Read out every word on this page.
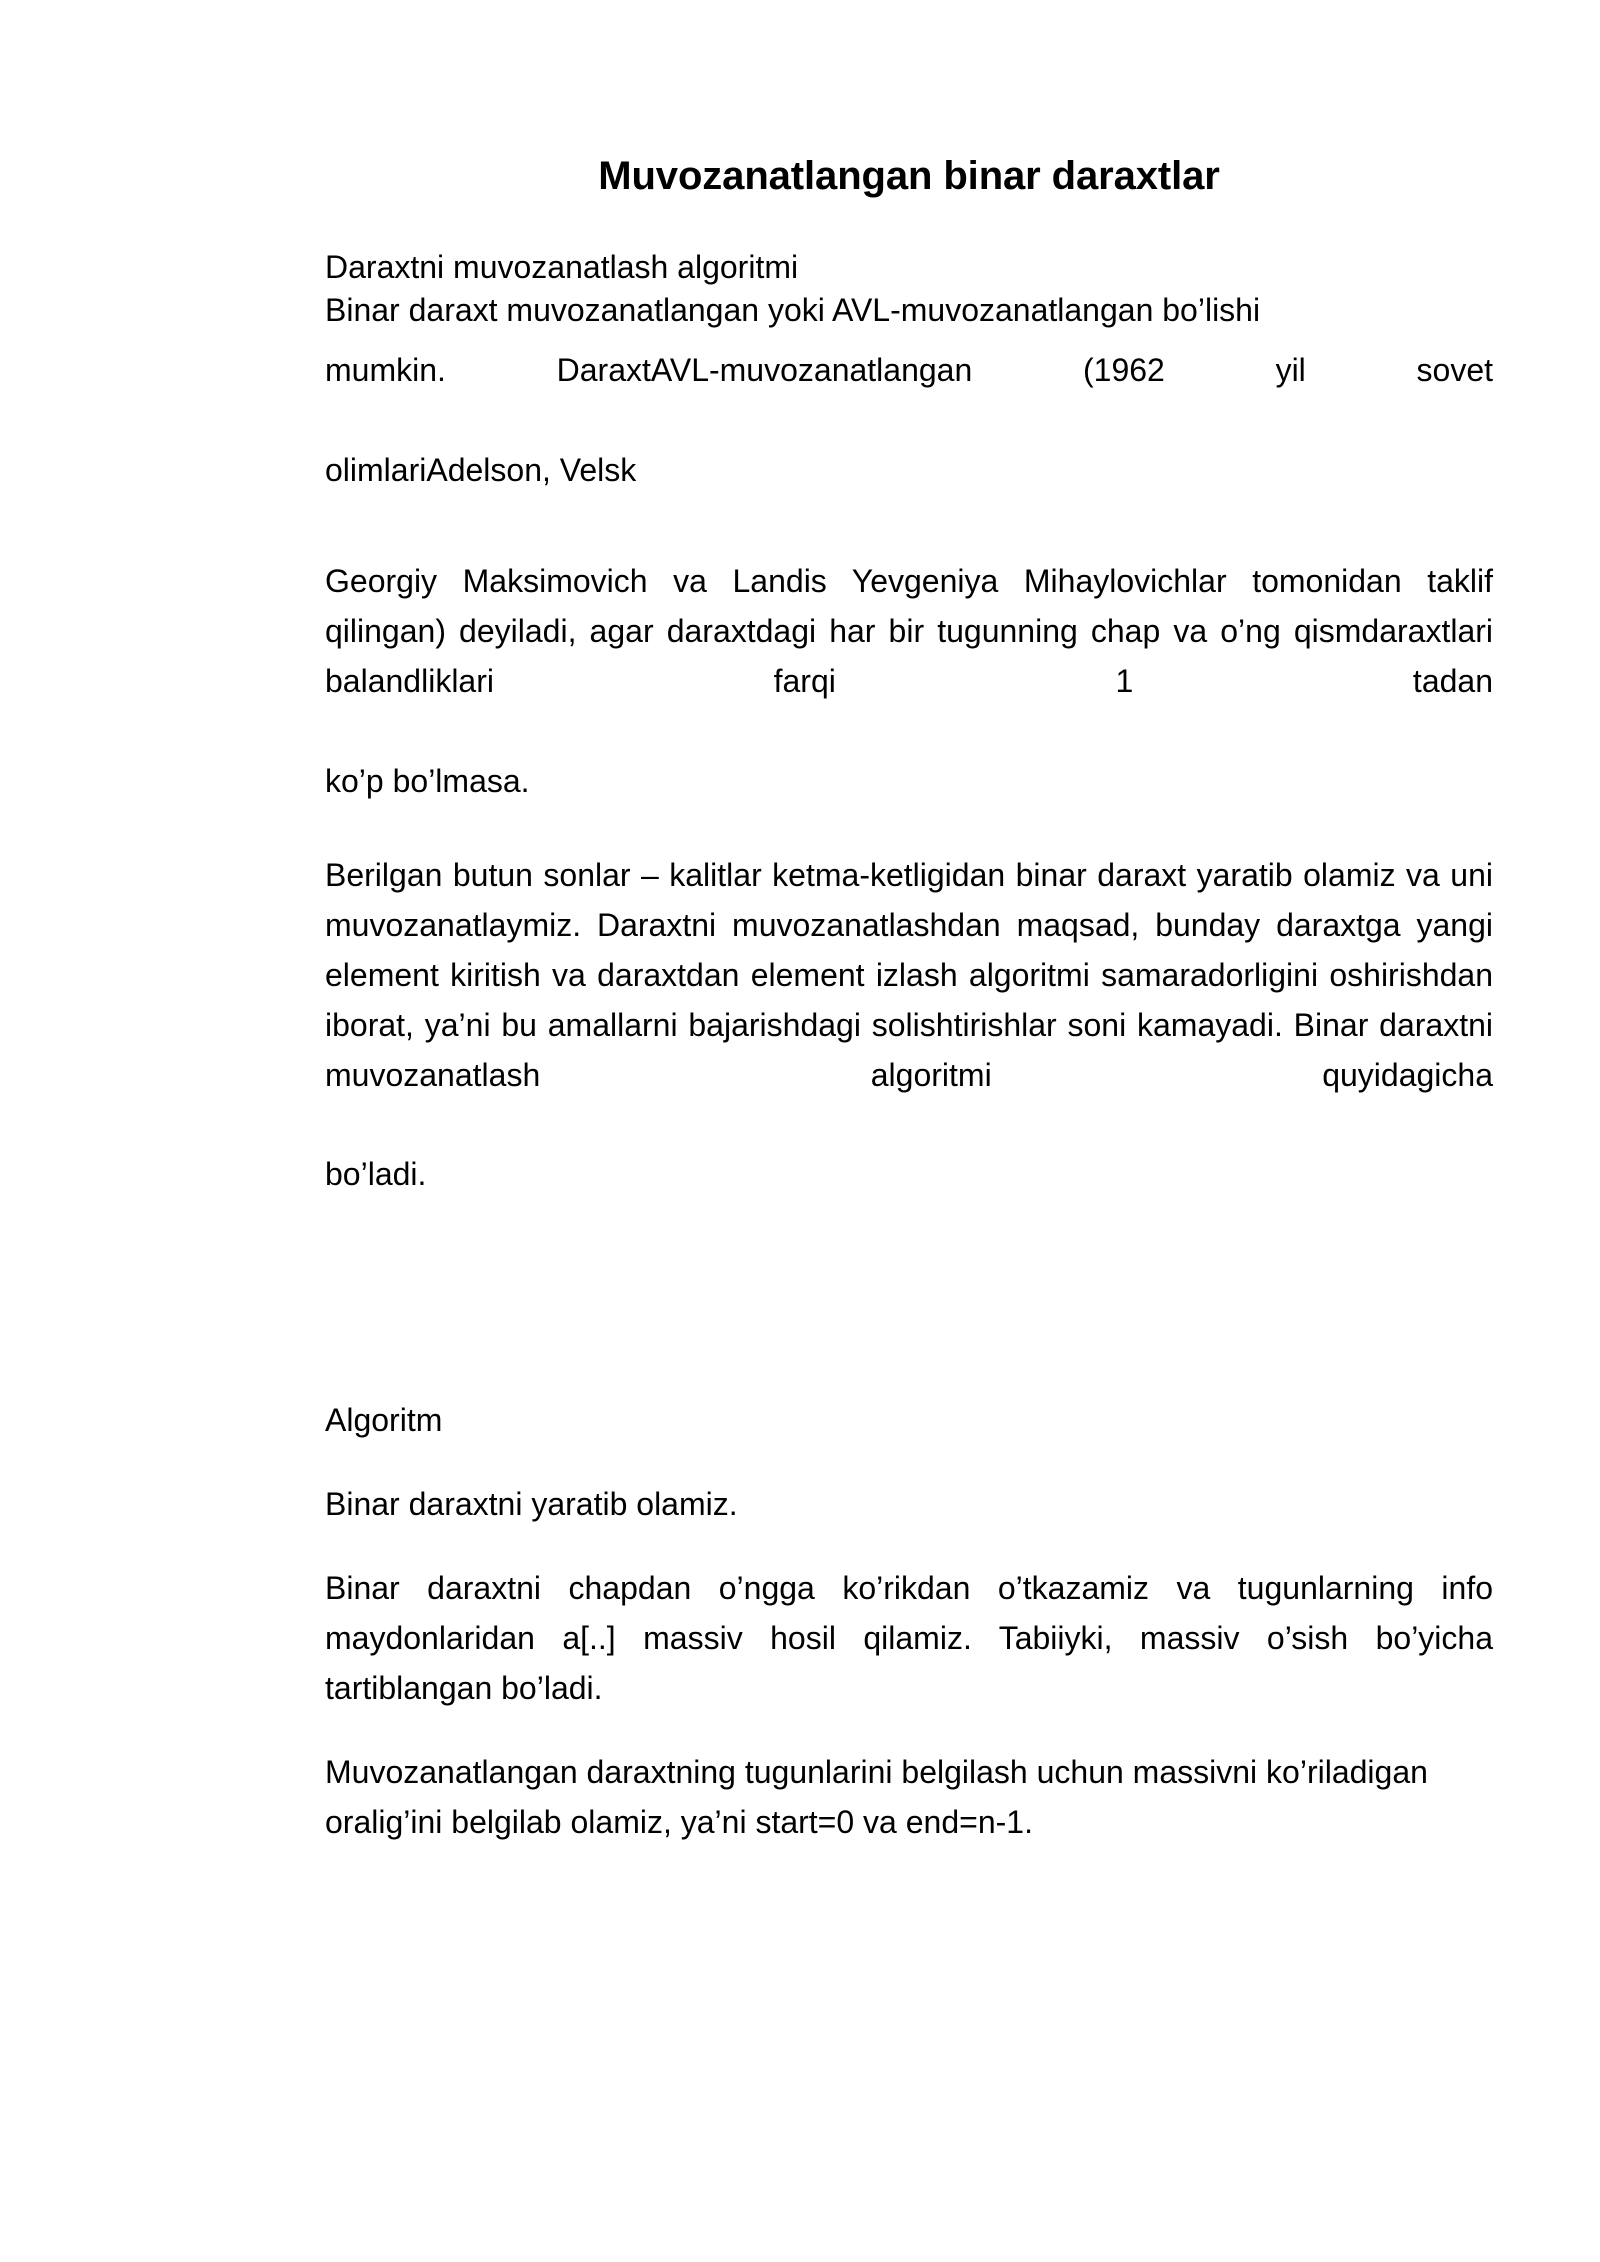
Muvozanatlangan binar daraxtlar
Daraxtni muvozanatlash algoritmi
Binar daraxt muvozanatlangan yoki AVL-muvozanatlangan bo’lishi
mumkin. DaraxtAVL-muvozanatlangan (1962 yil sovet
olimlariAdelson, Velsk
Georgiy Maksimovich va Landis Yevgeniya Mihaylovichlar tomonidan taklif qilingan) deyiladi, agar daraxtdagi har bir tugunning chap va o’ng qismdaraxtlari balandliklari farqi 1 tadan
ko’p bo’lmasa.
Berilgan butun sonlar – kalitlar ketma-ketligidan binar daraxt yaratib olamiz va uni muvozanatlaymiz. Daraxtni muvozanatlashdan maqsad, bunday daraxtga yangi element kiritish va daraxtdan element izlash algoritmi samaradorligini oshirishdan iborat, ya’ni bu amallarni bajarishdagi solishtirishlar soni kamayadi. Binar daraxtni muvozanatlash algoritmi quyidagicha
bo’ladi.
Algoritm
Binar daraxtni yaratib olamiz.
Binar daraxtni chapdan o’ngga ko’rikdan o’tkazamiz va tugunlarning info maydonlaridan a[..] massiv hosil qilamiz. Tabiiyki, massiv o’sish bo’yicha tartiblangan bo’ladi.
Muvozanatlangan daraxtning tugunlarini belgilash uchun massivni ko’riladigan oralig’ini belgilab olamiz, ya’ni start=0 va end=n-1.
